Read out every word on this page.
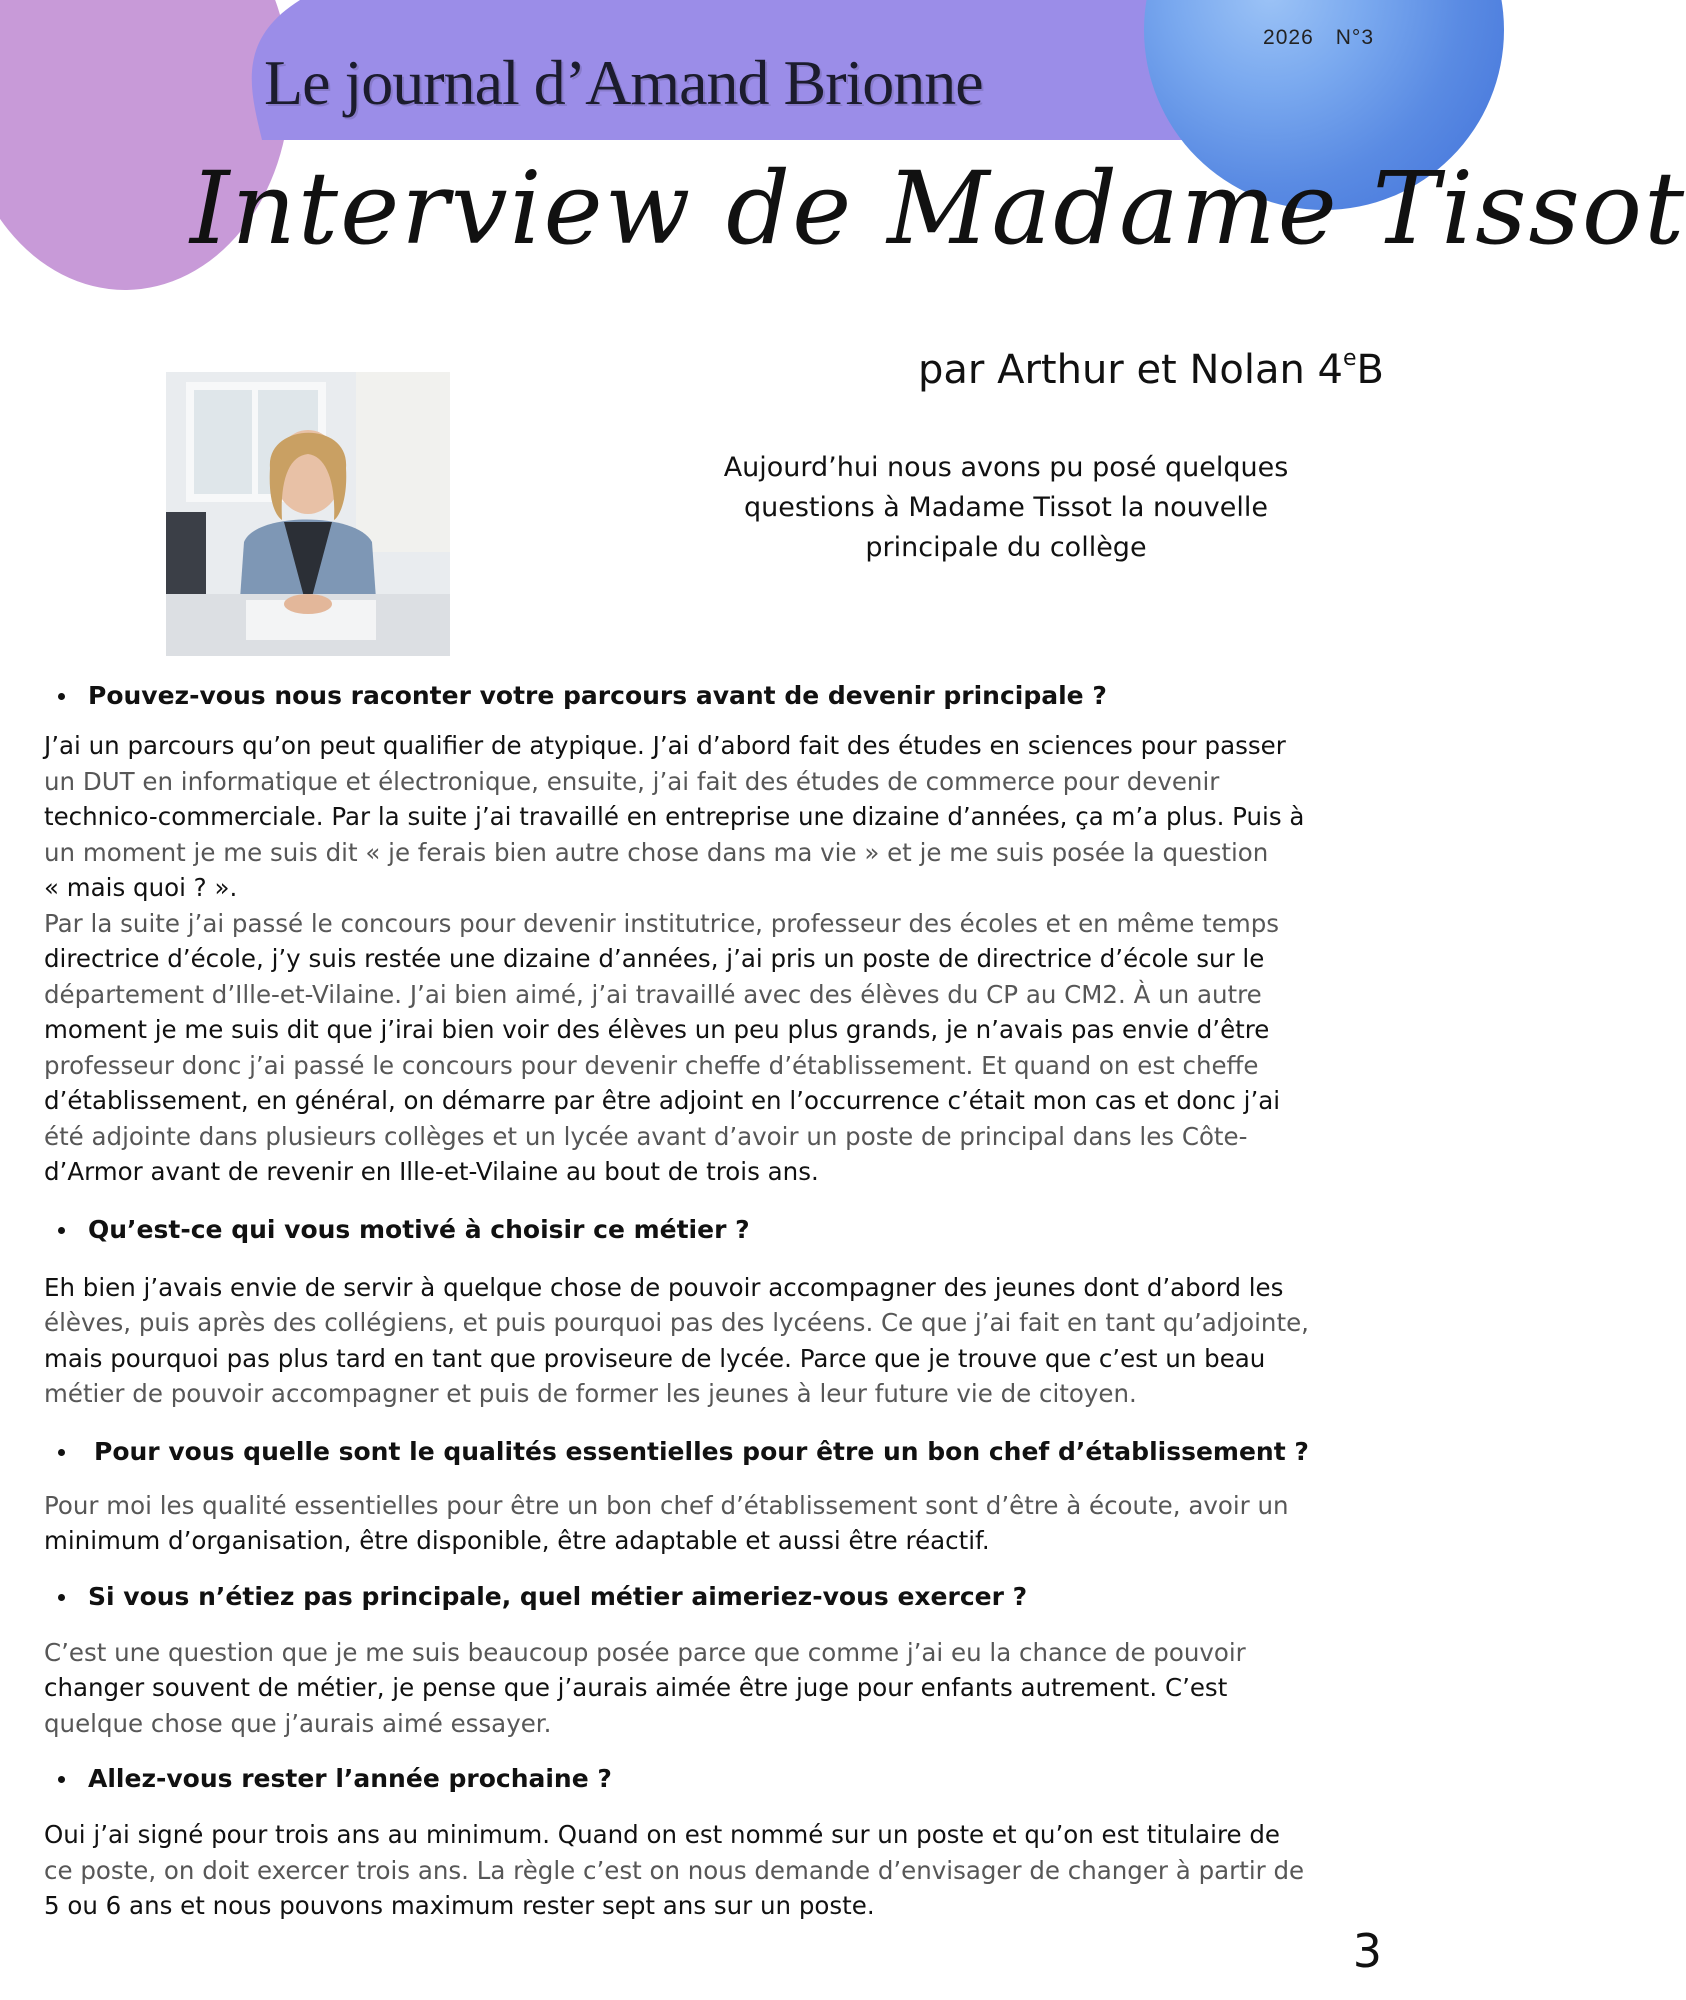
2026 N°3
Le journal d’Amand Brionne
Interview de Madame Tissot
par Arthur et Nolan 4eB
Aujourd’hui nous avons pu posé quelques
questions à Madame Tissot la nouvelle
principale du collège

Pouvez-vous nous raconter votre parcours avant de devenir principale ?

J’ai un parcours qu’on peut qualifier de atypique. J’ai d’abord fait des études en sciences pour passer
un DUT en informatique et électronique, ensuite, j’ai fait des études de commerce pour devenir
technico-commerciale. Par la suite j’ai travaillé en entreprise une dizaine d’années, ça m’a plus. Puis à
un moment je me suis dit « je ferais bien autre chose dans ma vie » et je me suis posée la question
« mais quoi ? ».
Par la suite j’ai passé le concours pour devenir institutrice, professeur des écoles et en même temps
directrice d’école, j’y suis restée une dizaine d’années, j’ai pris un poste de directrice d’école sur le
département d’Ille-et-Vilaine. J’ai bien aimé, j’ai travaillé avec des élèves du CP au CM2. À un autre
moment je me suis dit que j’irai bien voir des élèves un peu plus grands, je n’avais pas envie d’être
professeur donc j’ai passé le concours pour devenir cheffe d’établissement. Et quand on est cheffe
d’établissement, en général, on démarre par être adjoint en l’occurrence c’était mon cas et donc j’ai
été adjointe dans plusieurs collèges et un lycée avant d’avoir un poste de principal dans les Côte-
d’Armor avant de revenir en Ille-et-Vilaine au bout de trois ans.

Qu’est-ce qui vous motivé à choisir ce métier ?

Eh bien j’avais envie de servir à quelque chose de pouvoir accompagner des jeunes dont d’abord les
élèves, puis après des collégiens, et puis pourquoi pas des lycéens. Ce que j’ai fait en tant qu’adjointe,
mais pourquoi pas plus tard en tant que proviseure de lycée. Parce que je trouve que c’est un beau
métier de pouvoir accompagner et puis de former les jeunes à leur future vie de citoyen.

Pour vous quelle sont le qualités essentielles pour être un bon chef d’établissement ?

Pour moi les qualité essentielles pour être un bon chef d’établissement sont d’être à écoute, avoir un
minimum d’organisation, être disponible, être adaptable et aussi être réactif.

Si vous n’étiez pas principale, quel métier aimeriez-vous exercer ?

C’est une question que je me suis beaucoup posée parce que comme j’ai eu la chance de pouvoir
changer souvent de métier, je pense que j’aurais aimée être juge pour enfants autrement. C’est
quelque chose que j’aurais aimé essayer.

Allez-vous rester l’année prochaine ?

Oui j’ai signé pour trois ans au minimum. Quand on est nommé sur un poste et qu’on est titulaire de
ce poste, on doit exercer trois ans. La règle c’est on nous demande d’envisager de changer à partir de
5 ou 6 ans et nous pouvons maximum rester sept ans sur un poste.
3
